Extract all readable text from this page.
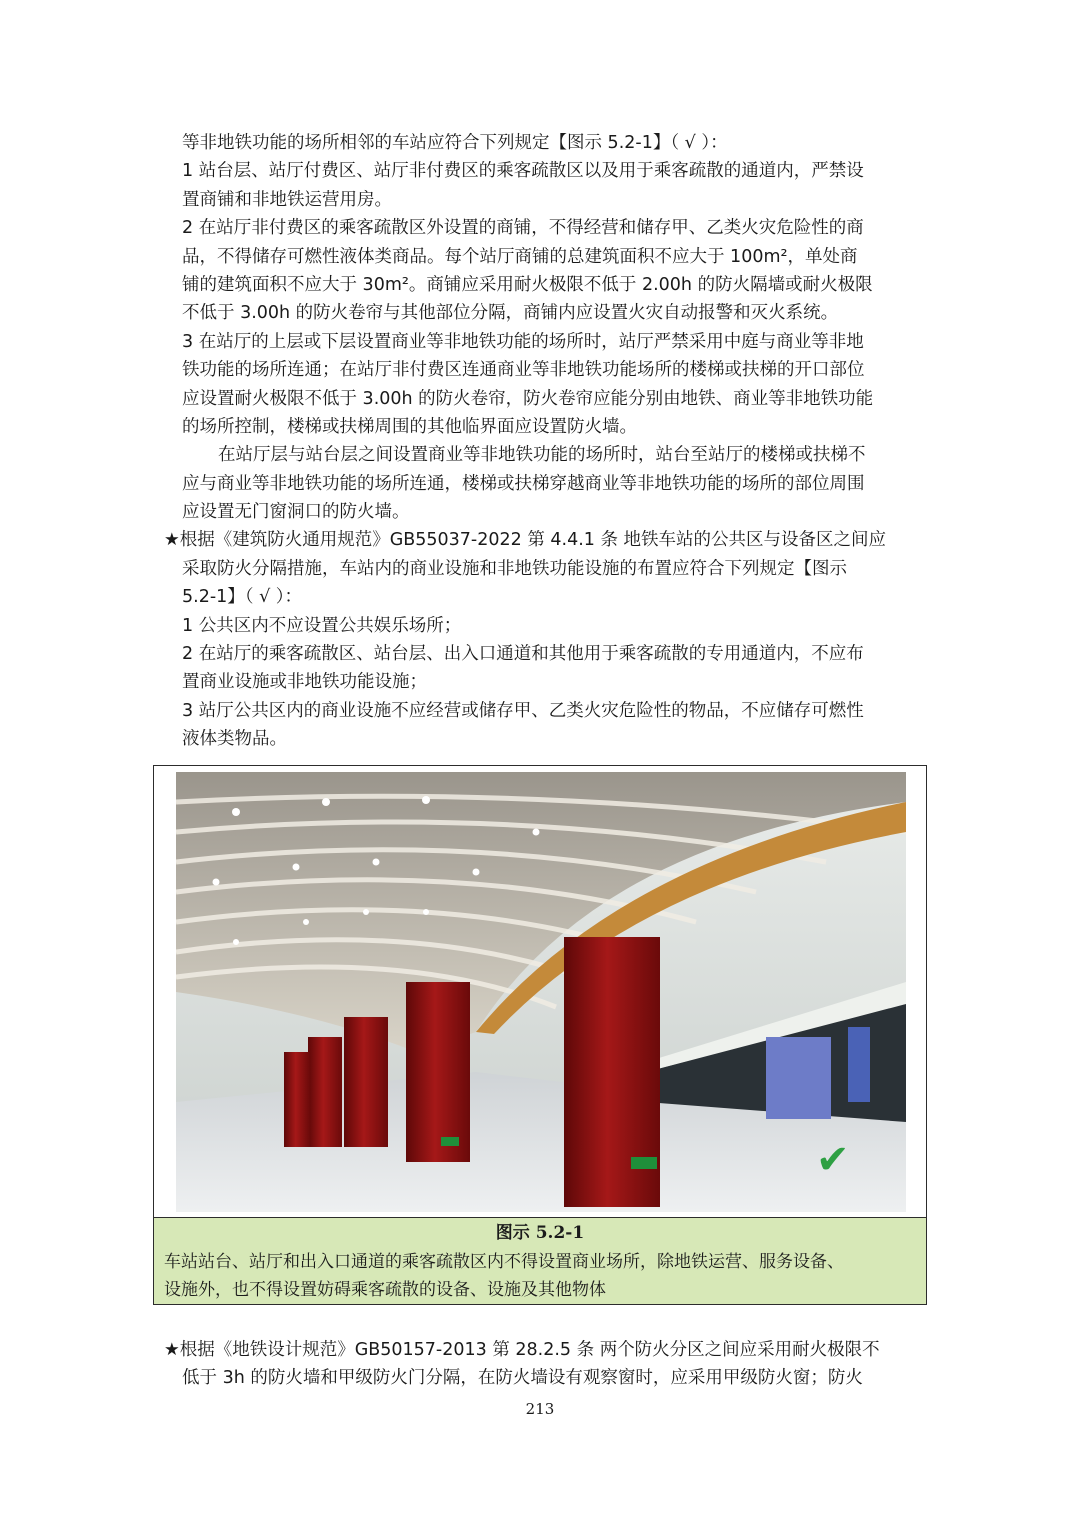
等非地铁功能的场所相邻的车站应符合下列规定【图示 5.2-1】（ √ ）：
1 站台层、站厅付费区、站厅非付费区的乘客疏散区以及用于乘客疏散的通道内，严禁设
置商铺和非地铁运营用房。
2 在站厅非付费区的乘客疏散区外设置的商铺，不得经营和储存甲、乙类火灾危险性的商
品，不得储存可燃性液体类商品。每个站厅商铺的总建筑面积不应大于 100m²，单处商
铺的建筑面积不应大于 30m²。商铺应采用耐火极限不低于 2.00h 的防火隔墙或耐火极限
不低于 3.00h 的防火卷帘与其他部位分隔，商铺内应设置火灾自动报警和灭火系统。
3 在站厅的上层或下层设置商业等非地铁功能的场所时，站厅严禁采用中庭与商业等非地
铁功能的场所连通；在站厅非付费区连通商业等非地铁功能场所的楼梯或扶梯的开口部位
应设置耐火极限不低于 3.00h 的防火卷帘，防火卷帘应能分别由地铁、商业等非地铁功能
的场所控制，楼梯或扶梯周围的其他临界面应设置防火墙。
在站厅层与站台层之间设置商业等非地铁功能的场所时，站台至站厅的楼梯或扶梯不
应与商业等非地铁功能的场所连通，楼梯或扶梯穿越商业等非地铁功能的场所的部位周围
应设置无门窗洞口的防火墙。
★根据《建筑防火通用规范》GB55037-2022 第 4.4.1 条 地铁车站的公共区与设备区之间应
采取防火分隔措施，车站内的商业设施和非地铁功能设施的布置应符合下列规定【图示
5.2-1】（ √ ）：
1 公共区内不应设置公共娱乐场所；
2 在站厅的乘客疏散区、站台层、出入口通道和其他用于乘客疏散的专用通道内，不应布
置商业设施或非地铁功能设施；
3 站厅公共区内的商业设施不应经营或储存甲、乙类火灾危险性的物品，不应储存可燃性
液体类物品。
✔
图示 5.2-1
车站站台、站厅和出入口通道的乘客疏散区内不得设置商业场所，除地铁运营、服务设备、
设施外，也不得设置妨碍乘客疏散的设备、设施及其他物体
★根据《地铁设计规范》GB50157-2013 第 28.2.5 条 两个防火分区之间应采用耐火极限不
低于 3h 的防火墙和甲级防火门分隔，在防火墙设有观察窗时，应采用甲级防火窗；防火
213
